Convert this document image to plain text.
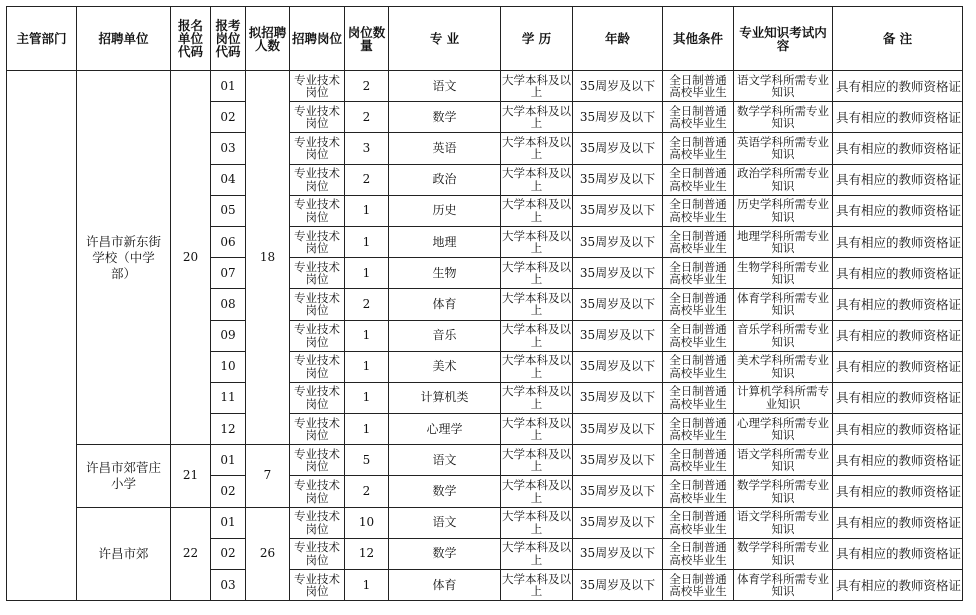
主管部门	招聘单位	报名单位代码	报考岗位代码	拟招聘人数	招聘岗位	岗位数量	专 业	学 历	年龄	其他条件	专业知识考试内容	备 注
	许昌市新东街学校（中学部）	20	01	18	专业技术岗位	2	语文	大学本科及以上	35周岁及以下	全日制普通高校毕业生	语文学科所需专业知识	具有相应的教师资格证
			02		专业技术岗位	2	数学	大学本科及以上	35周岁及以下	全日制普通高校毕业生	数学学科所需专业知识	具有相应的教师资格证
			03		专业技术岗位	3	英语	大学本科及以上	35周岁及以下	全日制普通高校毕业生	英语学科所需专业知识	具有相应的教师资格证
			04		专业技术岗位	2	政治	大学本科及以上	35周岁及以下	全日制普通高校毕业生	政治学科所需专业知识	具有相应的教师资格证
			05		专业技术岗位	1	历史	大学本科及以上	35周岁及以下	全日制普通高校毕业生	历史学科所需专业知识	具有相应的教师资格证
			06		专业技术岗位	1	地理	大学本科及以上	35周岁及以下	全日制普通高校毕业生	地理学科所需专业知识	具有相应的教师资格证
			07		专业技术岗位	1	生物	大学本科及以上	35周岁及以下	全日制普通高校毕业生	生物学科所需专业知识	具有相应的教师资格证
			08		专业技术岗位	2	体育	大学本科及以上	35周岁及以下	全日制普通高校毕业生	体育学科所需专业知识	具有相应的教师资格证
			09		专业技术岗位	1	音乐	大学本科及以上	35周岁及以下	全日制普通高校毕业生	音乐学科所需专业知识	具有相应的教师资格证
			10		专业技术岗位	1	美术	大学本科及以上	35周岁及以下	全日制普通高校毕业生	美术学科所需专业知识	具有相应的教师资格证
			11		专业技术岗位	1	计算机类	大学本科及以上	35周岁及以下	全日制普通高校毕业生	计算机学科所需专业知识	具有相应的教师资格证
			12		专业技术岗位	1	心理学	大学本科及以上	35周岁及以下	全日制普通高校毕业生	心理学科所需专业知识	具有相应的教师资格证
	许昌市郊菅庄小学	21	01	7	专业技术岗位	5	语文	大学本科及以上	35周岁及以下	全日制普通高校毕业生	语文学科所需专业知识	具有相应的教师资格证
			02		专业技术岗位	2	数学	大学本科及以上	35周岁及以下	全日制普通高校毕业生	数学学科所需专业知识	具有相应的教师资格证
	许昌市郊	22	01	26	专业技术岗位	10	语文	大学本科及以上	35周岁及以下	全日制普通高校毕业生	语文学科所需专业知识	具有相应的教师资格证
			02		专业技术岗位	12	数学	大学本科及以上	35周岁及以下	全日制普通高校毕业生	数学学科所需专业知识	具有相应的教师资格证
			03		专业技术岗位	1	体育	大学本科及以上	35周岁及以下	全日制普通高校毕业生	体育学科所需专业知识	具有相应的教师资格证
